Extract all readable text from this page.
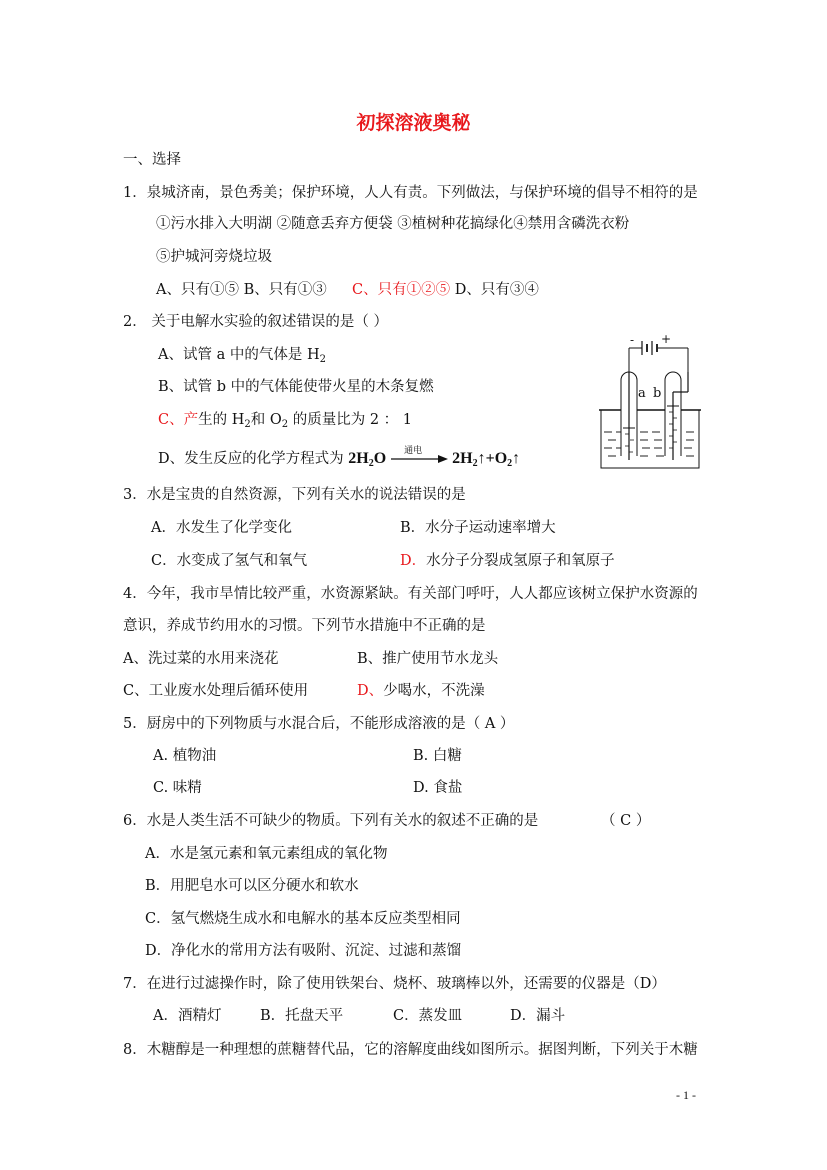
初探溶液奥秘
一、选择
1．泉城济南，景色秀美；保护环境，人人有责。下列做法，与保护环境的倡导不相符的是
①污水排入大明湖 ②随意丢弃方便袋 ③植树种花搞绿化④禁用含磷洗衣粉
⑤护城河旁烧垃圾
A、只有①⑤ B、只有①③ C、只有①②⑤ D、只有③④
2． 关于电解水实验的叙述错误的是（ ）
A、试管 a 中的气体是 $H_2$
B、试管 b 中的气体能使带火星的木条复燃
C、产生的 $H_2$和 $O_2$ 的质量比为 2 ： 1
D、发生反应的化学方程式为 $2H_2O$ 通电 $2H_2↑+O_2↑$
- +
a b
3．水是宝贵的自然资源，下列有关水的说法错误的是
A．水发生了化学变化	B．水分子运动速率增大
C．水变成了氢气和氧气	D．水分子分裂成氢原子和氧原子
4．今年，我市旱情比较严重，水资源紧缺。有关部门呼吁，人人都应该树立保护水资源的
意识，养成节约用水的习惯。下列节水措施中不正确的是
A、洗过菜的水用来浇花	B、推广使用节水龙头
C、工业废水处理后循环使用	D、少喝水，不洗澡
5．厨房中的下列物质与水混合后，不能形成溶液的是（ A ）
A. 植物油	B. 白糖
C. 味精	D. 食盐
6．水是人类生活不可缺少的物质。下列有关水的叙述不正确的是	（ C ）
A．水是氢元素和氧元素组成的氧化物
B．用肥皂水可以区分硬水和软水
C．氢气燃烧生成水和电解水的基本反应类型相同
D．净化水的常用方法有吸附、沉淀、过滤和蒸馏
7．在进行过滤操作时，除了使用铁架台、烧杯、玻璃棒以外，还需要的仪器是（D）
A．酒精灯	B．托盘天平	C．蒸发皿	D．漏斗
8．木糖醇是一种理想的蔗糖替代品，它的溶解度曲线如图所示。据图判断，下列关于木糖
- 1 -
